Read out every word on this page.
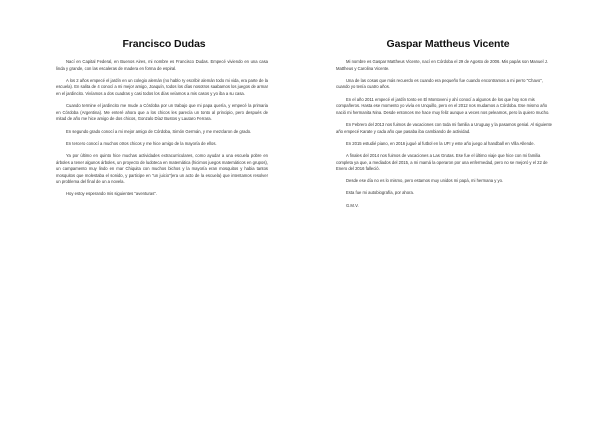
Francisco Dudas

Nací en Capital Federal, en Buenos Aires, mi nombre es Francisco Dudas. Empecé viviendo en una casa linda y grande, con las escaleras de madera en forma de espiral.

A los 2 años empecé el jardín en un colegio alemán (no hablo ry escribir alemán todo mi vida, era parte de la escuela). En salita de 4 conocí a mi mejor amigo, Joaquín, todos los días nosotros saabamos los juegos de armar en el jardincito. Vivíamos a dos cuadras y casi todos los días veíamos a mis casos y yo iba a su casa.

Cuando termine el jardincito me mude a Córdoba por un trabajo que mi papa quería, y empecé la primaria en Córdoba (Argentina). Me enteré ahora que a los chicos les parecía un tonto al principio, pero después de mitad de año me hice amigo de dos chicos, Gonzalo Díaz Bustos y Lautaro Ferrara.

En segundo grado conocí a mi mejor amigo de Córdoba, Simón Germán, y me mezclaron de grado.

En tercero conocí a muchos otros chicos y me hice amigo de la mayoría de ellos.

Ya por último en quinto hice muchas actividades extracurriculares, como ayudar a una escuela pobre en árboles a tener algunos árboles, un proyecto de ludoteca en matemática (hicimos juegos matemáticos en grupos), un campamento muy lindo en mar Chiquita con muchos bichos y la mayoría eran mosquitos y habia tantos mosquitos que molestaba el sonido, y participe en "un juicio"(era un acto de la escuela) que intentamos resolver un problema del final de un a novela.

Hoy estoy esperando mis siguientes "aventuras".

Gaspar Mattheus Vicente

Mi nombre es Gaspar Mattheus Vicente, nací en Córdoba el 29 de Agosto de 2006. Mis papás son Manuel J. Mattheus y Carolina Vicente.

Una de las cosas que más recuerdo es cuando era pequeño fue cuando encontramos a mi perro "Chavo", cuando yo tenía cuatro años.

En el año 2011 empecé el jardín tonto en El Montoveni y ahí conocí a algunos de los que hoy son mis compañeros. Hasta ese momento yo vivía en Unquillo, pero en el 2012 nos mudamos a Córdoba. Ese mismo año nació mi hermanita Nina. Desde entonces me hace muy feliz aunque a veces nos peleamos, pero la quiero mucho.

En Febrero del 2013 nos fuimos de vacaciones con toda mi familia a Uruguay y la pasamos genial. Al siguiente año empecé Karate y cada año que pasaba iba cambiando de actividad.

En 2015 estudié piano, en 2016 jugué al futbol en la UFI y este año juego al handball en Villa Allende.

A finales del 2014 nos fuimos de vacaciones a Las Grutas. Ese fue el último viaje que hice con mi familia completa ya que, a mediados del 2015, a mi mamá la operaron por una enfermedad, pero no se mejoró y el 22 de Enero del 2016 falleció.

Desde ese día no es lo mismo, pero estamos muy unidos mi papá, mi hermana y yo.

Esta fue mi autobiografía, por ahora.

G.M.V.
